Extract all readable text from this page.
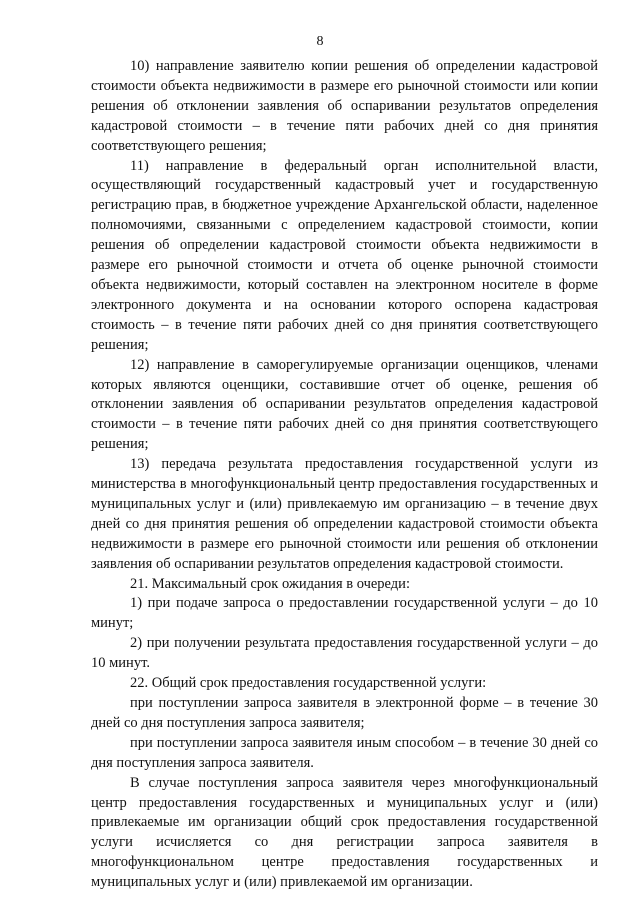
8

10) направление заявителю копии решения об определении кадастровой стоимости объекта недвижимости в размере его рыночной стоимости или копии решения об отклонении заявления об оспаривании результатов определения кадастровой стоимости – в течение пяти рабочих дней со дня принятия соответствующего решения;

11) направление в федеральный орган исполнительной власти, осуществляющий государственный кадастровый учет и государственную регистрацию прав, в бюджетное учреждение Архангельской области, наделенное полномочиями, связанными с определением кадастровой стоимости, копии решения об определении кадастровой стоимости объекта недвижимости в размере его рыночной стоимости и отчета об оценке рыночной стоимости объекта недвижимости, который составлен на электронном носителе в форме электронного документа и на основании которого оспорена кадастровая стоимость – в течение пяти рабочих дней со дня принятия соответствующего решения;

12) направление в саморегулируемые организации оценщиков, членами которых являются оценщики, составившие отчет об оценке, решения об отклонении заявления об оспаривании результатов определения кадастровой стоимости – в течение пяти рабочих дней со дня принятия соответствующего решения;

13) передача результата предоставления государственной услуги из министерства в многофункциональный центр предоставления государственных и муниципальных услуг и (или) привлекаемую им организацию – в течение двух дней со дня принятия решения об определении кадастровой стоимости объекта недвижимости в размере его рыночной стоимости или решения об отклонении заявления об оспаривании результатов определения кадастровой стоимости.

21. Максимальный срок ожидания в очереди:

1) при подаче запроса о предоставлении государственной услуги – до 10 минут;

2) при получении результата предоставления государственной услуги – до 10 минут.

22. Общий срок предоставления государственной услуги:

при поступлении запроса заявителя в электронной форме – в течение 30 дней со дня поступления запроса заявителя;

при поступлении запроса заявителя иным способом – в течение 30 дней со дня поступления запроса заявителя.

В случае поступления запроса заявителя через многофункциональный центр предоставления государственных и муниципальных услуг и (или) привлекаемые им организации общий срок предоставления государственной услуги исчисляется со дня регистрации запроса заявителя в многофункциональном центре предоставления государственных и муниципальных услуг и (или) привлекаемой им организации.
